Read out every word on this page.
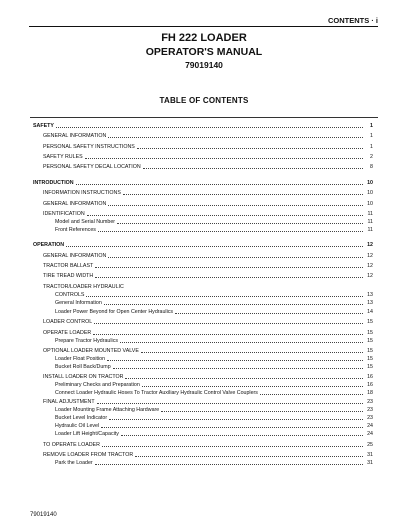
CONTENTS · i
FH 222 LOADER
OPERATOR'S MANUAL
79019140
TABLE OF CONTENTS
SAFETY	1
GENERAL INFORMATION	1
PERSONAL SAFETY INSTRUCTIONS	1
SAFETY RULES	2
PERSONAL SAFETY DECAL LOCATION	8
INTRODUCTION	10
INFORMATION INSTRUCTIONS	10
GENERAL INFORMATION	10
IDENTIFICATION	11
Model and Serial Number	11
Front References	11
OPERATION	12
GENERAL INFORMATION	12
TRACTOR BALLAST	12
TIRE TREAD WIDTH	12
TRACTOR/LOADER HYDRAULIC
CONTROLS	13
General Information	13
Loader Power Beyond for Open Center Hydraulics	14
LOADER CONTROL	15
OPERATE LOADER	15
Prepare Tractor Hydraulics	15
OPTIONAL LOADER MOUNTED VALVE	15
Loader Float Position	15
Bucket Roll Back/Dump	15
INSTALL LOADER ON TRACTOR	16
Preliminary Checks and Preparation	16
Connect Loader Hydraulic Hoses To Tractor Auxiliary Hydraulic Control Valve Couplers	18
FINAL ADJUSTMENT	23
Loader Mounting Frame Attaching Hardware	23
Bucket Level Indicator	23
Hydraulic Oil Level	24
Loader Lift Height/Capacity	24
TO OPERATE LOADER	25
REMOVE LOADER FROM TRACTOR	31
Park the Loader	31
79019140
